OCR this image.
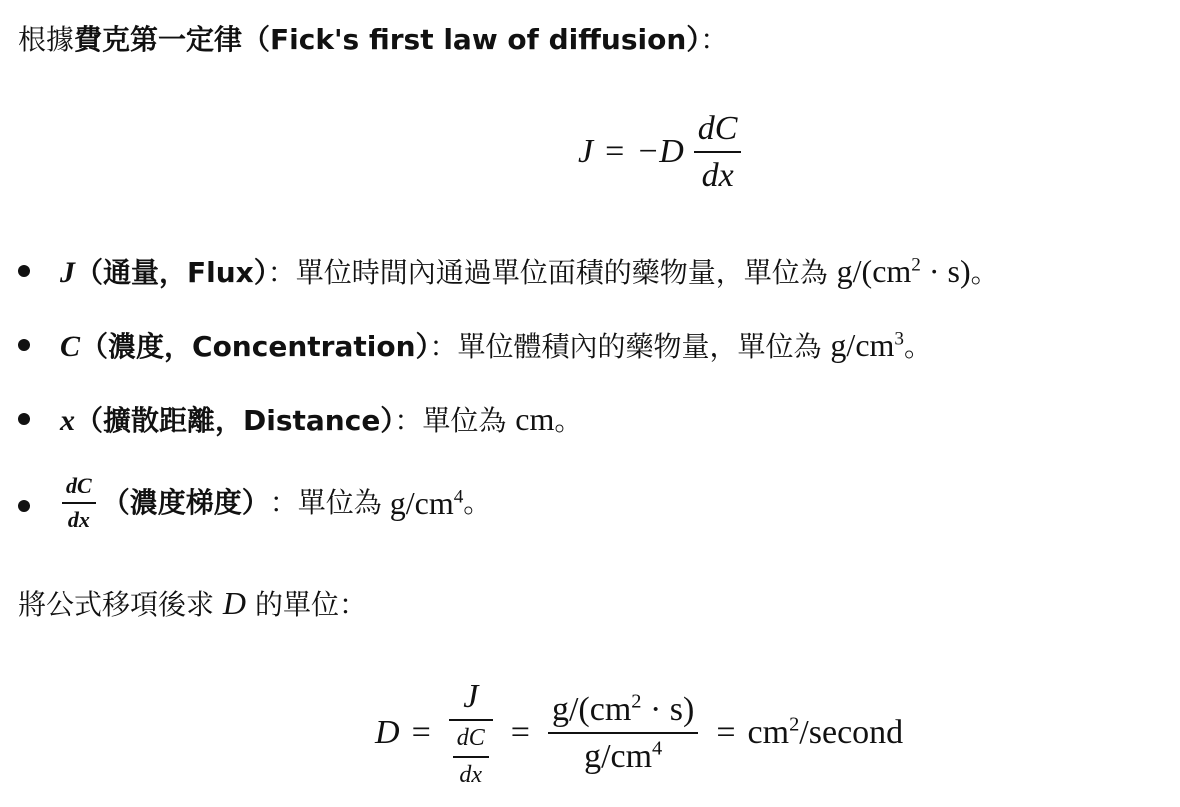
根據費克第一定律（Fick's first law of diffusion）：
$J = -D \frac{dC}{dx}$
J（通量，Flux）：單位時間內通過單位面積的藥物量，單位為 $g/(cm^2 \cdot s)$。
C（濃度，Concentration）：單位體積內的藥物量，單位為 $g/cm^3$。
x（擴散距離，Distance）：單位為 cm。
$\frac{dC}{dx}$ （濃度梯度） ：單位為 $g/cm^4$ 。
將公式移項後求 D 的單位：
$D = \frac{J}{\frac{dC}{dx}} = \frac{g/(cm^2 \cdot s)}{g/cm^4}$ = $cm^2$/second
